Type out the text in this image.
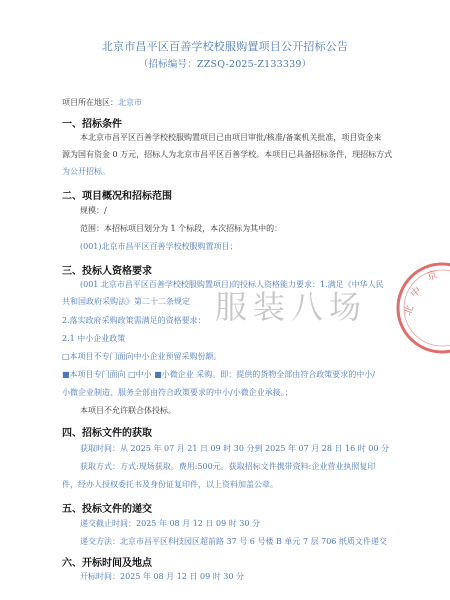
北京市昌平区百善学校校服购置项目公开招标公告
（招标编号：ZZSQ-2025-Z133339）
项目所在地区：北京市
一、招标条件
本北京市昌平区百善学校校服购置项目已由项目审批/核准/备案机关批准，项目资金来
源为国有资金 0 万元，招标人为北京市昌平区百善学校。本项目已具备招标条件，现招标方式
为公开招标。
二、项目概况和招标范围
规模：/
范围：本招标项目划分为 1 个标段，本次招标为其中的：
(001)北京市昌平区百善学校校服购置项目；
三、投标人资格要求
(001 北京市昌平区百善学校校服购置项目)的投标人资格能力要求：1.满足《中华人民
共和国政府采购法》第二十二条规定
2.落实政府采购政策需满足的资格要求：
2.1 中小企业政策
□本项目不专门面向中小企业预留采购份额。
■本项目专门面向 □中小 ■小微企业 采购。即：提供的货物全部由符合政策要求的中小/
小微企业制造、服务全部由符合政策要求的中小/小微企业承接。；
本项目不允许联合体投标。
四、招标文件的获取
获取时间：从 2025 年 07 月 21 日 09 时 30 分到 2025 年 07 月 28 日 16 时 00 分
获取方式：方式:现场获取。费用:500元。获取招标文件携带资料:企业营业执照复印
件，经办人授权委托书及身份证复印件，以上资料加盖公章。
五、投标文件的递交
递交截止时间：2025 年 08 月 12 日 09 时 30 分
递交方法：北京市昌平区科技园区超前路 37 号 6 号楼 B 单元 7 层 706 纸质文件递交
六、开标时间及地点
开标时间：2025 年 08 月 12 日 09 时 30 分
服装八场	中
北
京
